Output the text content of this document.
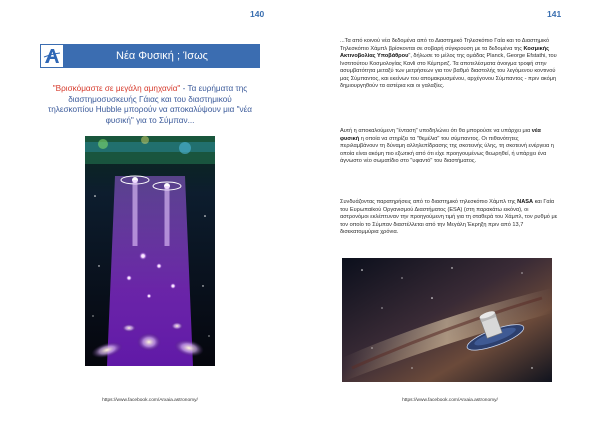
140
Νέα Φυσική ; Ίσως
"Βρισκόμαστε σε μεγάλη αμηχανία" - Τα ευρήματα της διαστημοσυσκευής Γάιας και του διαστημικού τηλεσκοπίου Hubble μπορούν να αποκαλύψουν μια "νέα φυσική" για το Σύμπαν...
https://www.facebook.com/Arxaia.astronomy/
141
...Τα από κοινού νέα δεδομένα από το Διαστημικό Τηλεσκόπιο Γαία και το Διαστημικό Τηλεσκόπιο Χάμπλ βρίσκονται σε σοβαρή σύγκρουση με τα δεδομένα της Κοσμικής Ακτινοβολίας Υποβάθρου", δήλωσε το μέλος της ομάδας Planck, George Efstathi, του Ινστιτούτου Κοσμολογίας Καvli στο Κέμπριτζ. Τα αποτελέσματα άνοιγμα τροφή στην ασυμβατότητα μεταξύ των μετρήσεων για τον βαθμό διαστολής του λεγόμενου κοντινού μας Σύμπαντος, και εκείνων του απομακρυσμένου, αρχέγονου Σύμπαντος - πριν ακόμη δημιουργηθούν τα αστέρια και οι γαλαξίες.
Αυτή η αποκαλούμενη "ένταση" υποδηλώνει ότι θα μπορούσε να υπάρχει μια νέα φυσική η οποία να στηρίζει τα "θεμέλια" του σύμπαντος. Οι πιθανότητες περιλαμβάνουν τη δύναμη αλληλεπίδρασης της σκοτεινής ύλης, τη σκοτεινή ενέργεια η οποία είναι ακόμη πιο εξωτική από ότι είχε προηγουμένως θεωρηθεί, ή υπάρχει ένα άγνωστο νέο σωματίδιο στο "υφαντό" του διαστήματος.
Συνδυάζοντας παρατηρήσεις από το διαστημικό τηλεσκόπιο Χάμπλ της NASA και Γαία του Ευρωπαϊκού Οργανισμού Διαστήματος (ESA) (στη παρακάτω εικόνα), οι αστρονόμοι εκλέπτυναν την προηγούμενη τιμή για τη σταθερά του Χάμπλ, τον ρυθμό με τον οποίο το Σύμπαν διαστέλλεται από την Μεγάλη Έκρηξη πριν από 13,7 δισεκατομμύρια χρόνια.
https://www.facebook.com/Arxaia.astronomy/
